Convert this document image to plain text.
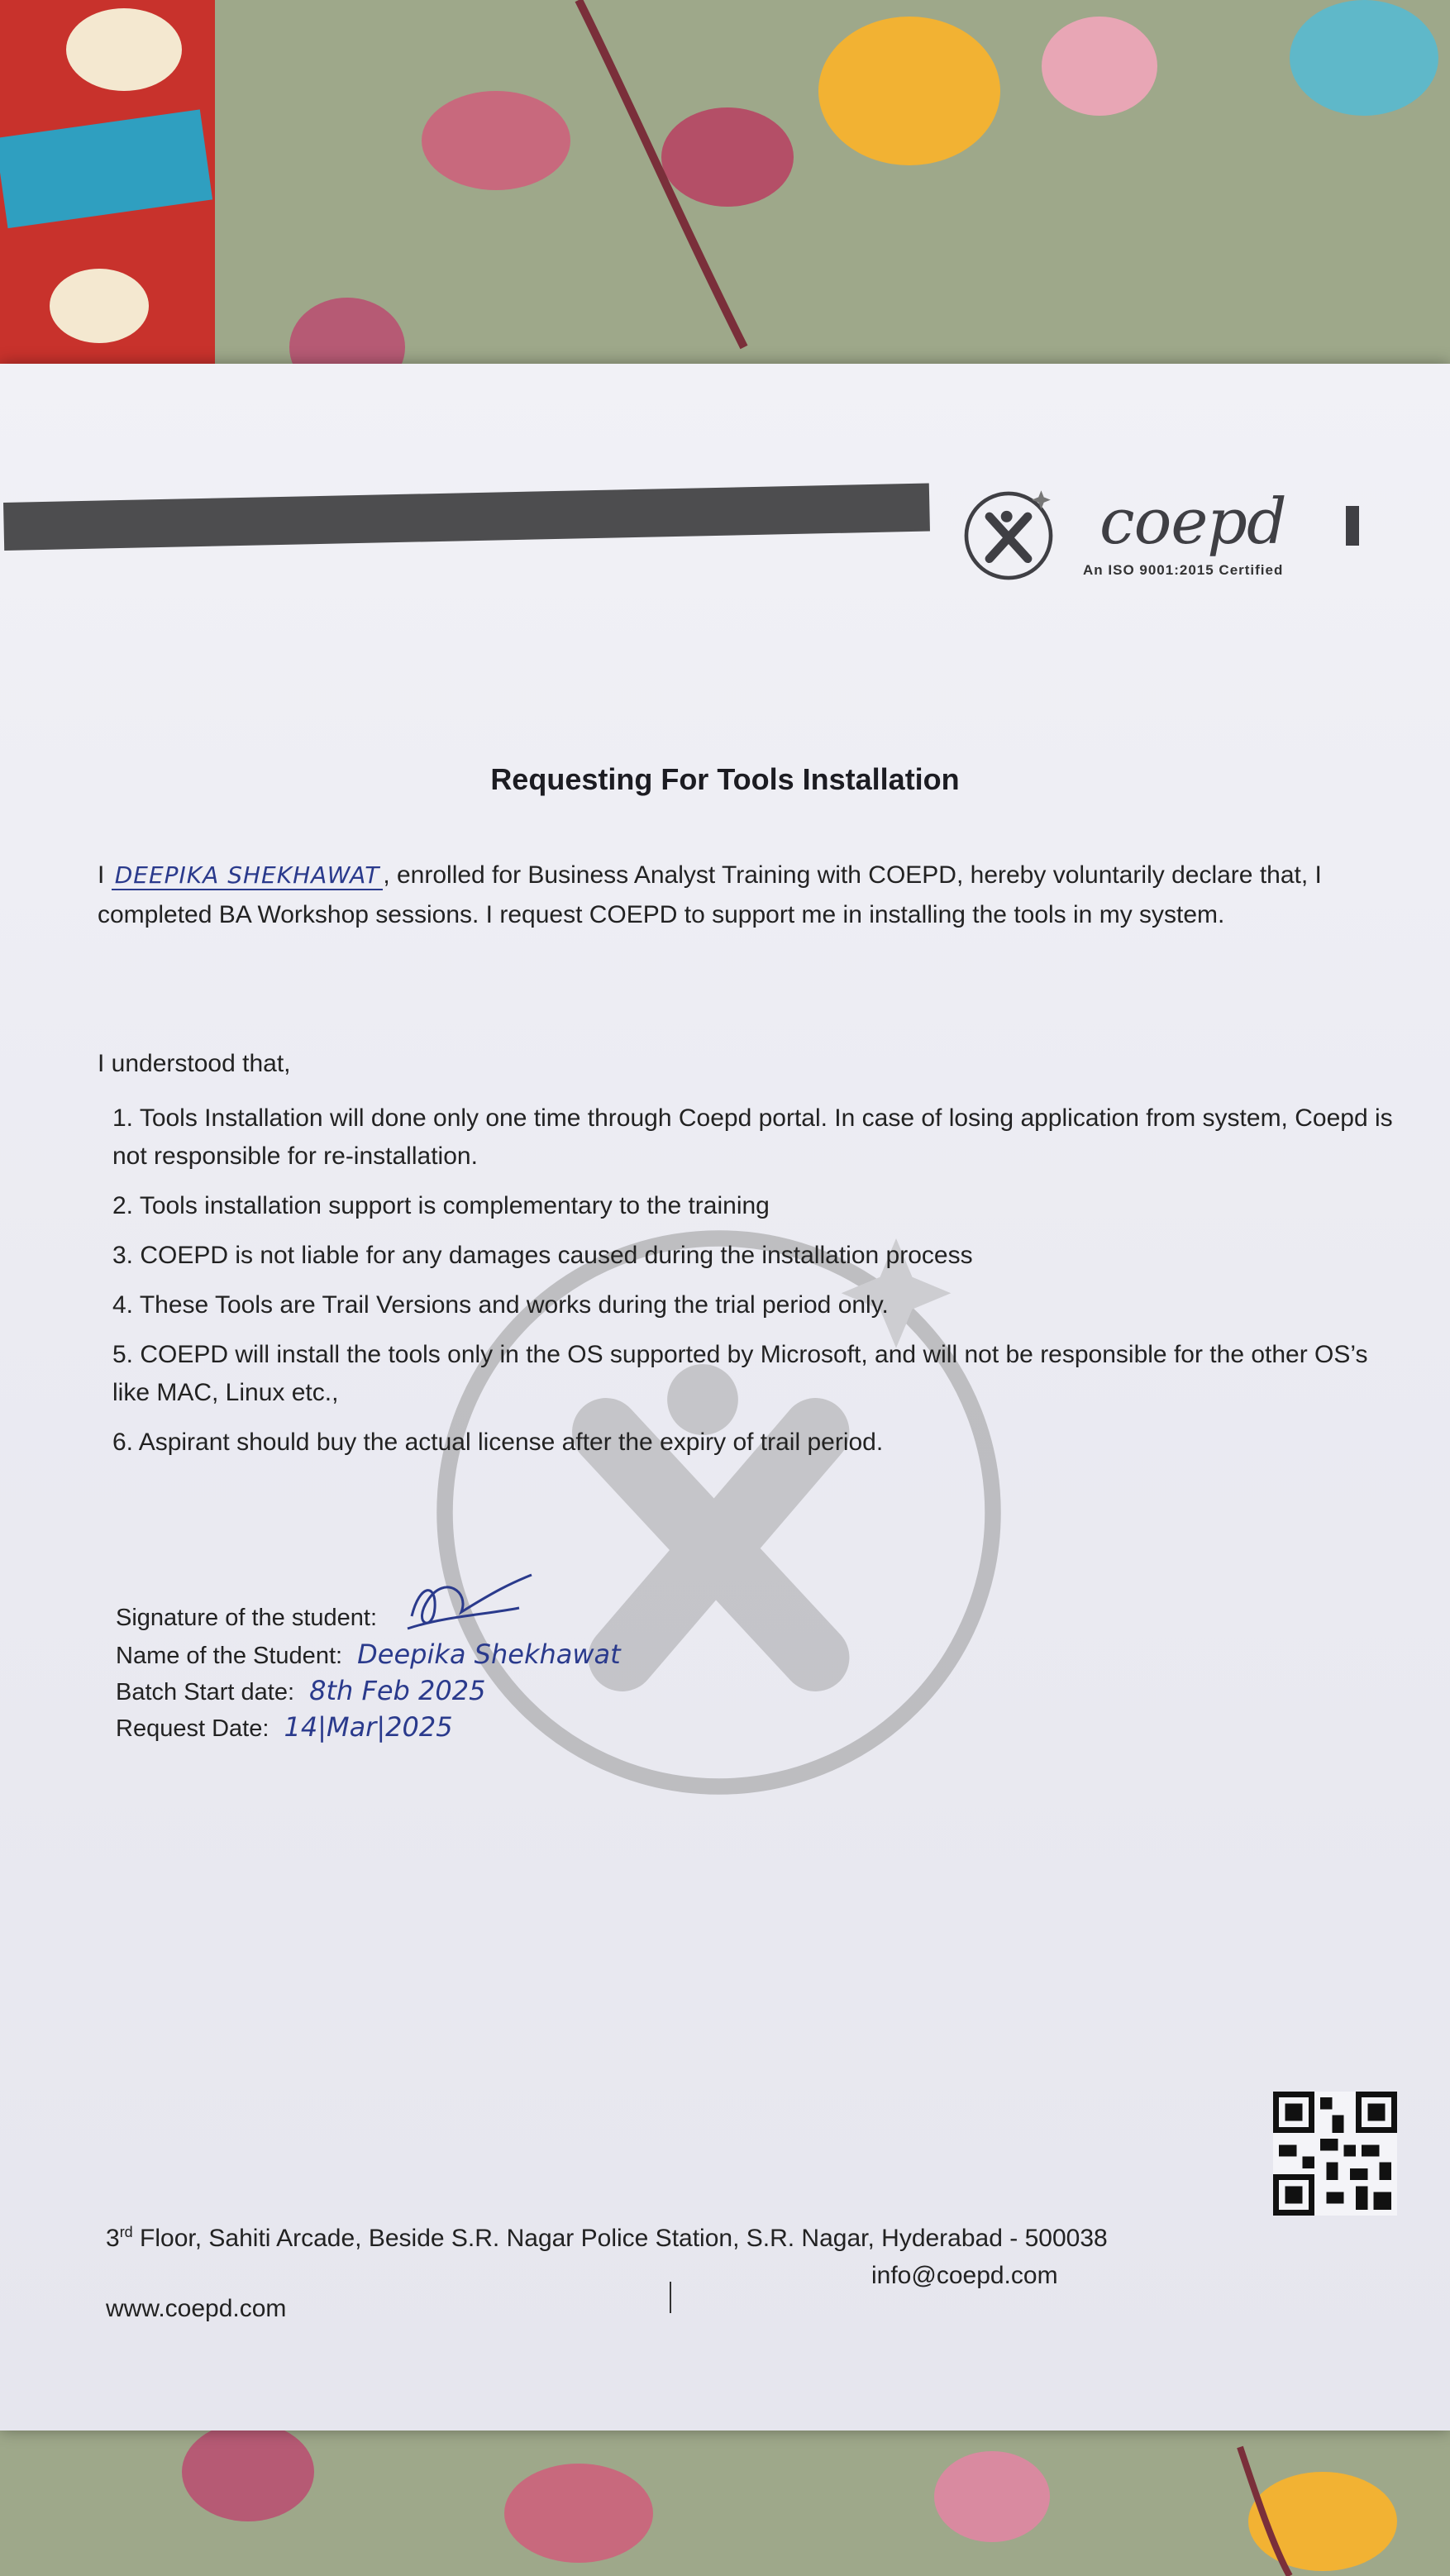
coepd
An ISO 9001:2015 Certified
Requesting For Tools Installation
I DEEPIKA SHEKHAWAT , enrolled for Business Analyst Training with COEPD, hereby voluntarily declare that, I completed BA Workshop sessions. I request COEPD to support me in installing the tools in my system.
I understood that,
1. Tools Installation will done only one time through Coepd portal. In case of losing application from system, Coepd is not responsible for re-installation.
2. Tools installation support is complementary to the training
3. COEPD is not liable for any damages caused during the installation process
4. These Tools are Trail Versions and works during the trial period only.
5. COEPD will install the tools only in the OS supported by Microsoft, and will not be responsible for the other OS’s like MAC, Linux etc.,
6. Aspirant should buy the actual license after the expiry of trail period.
Signature of the student:
Name of the Student: Deepika Shekhawat
Batch Start date: 8th Feb 2025
Request Date: 14|Mar|2025
3rd Floor, Sahiti Arcade, Beside S.R. Nagar Police Station, S.R. Nagar, Hyderabad - 500038
info@coepd.com
www.coepd.com
